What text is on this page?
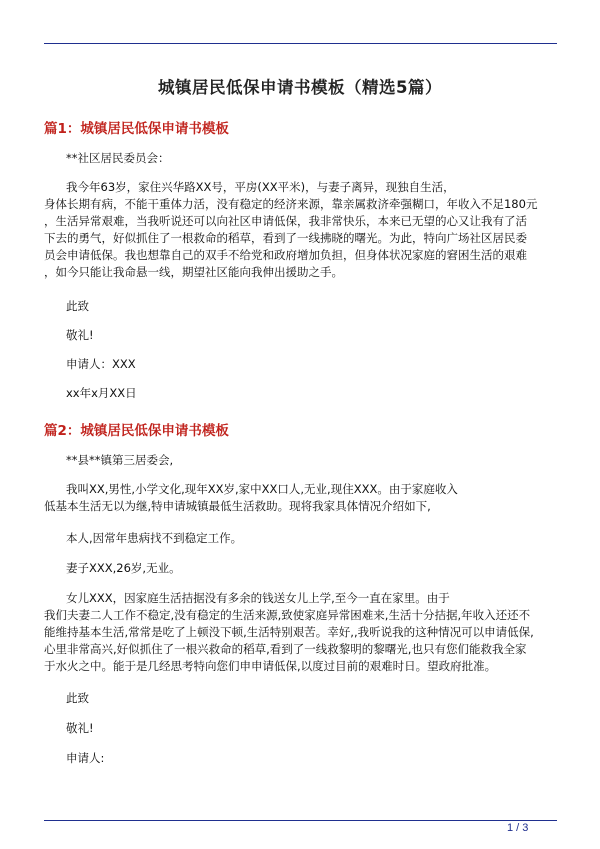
城镇居民低保申请书模板（精选5篇）
篇1：城镇居民低保申请书模板
**社区居民委员会：
我今年63岁，家住兴华路XX号，平房(XX平米)，与妻子离异，现独自生活，
身体长期有病，不能干重体力活，没有稳定的经济来源，靠亲属救济牵强糊口，年收入不足180元
，生活异常艰难，当我听说还可以向社区申请低保，我非常快乐，本来已无望的心又让我有了活
下去的勇气，好似抓住了一根救命的稻草，看到了一线拂晓的曙光。为此，特向广场社区居民委
员会申请低保。我也想靠自己的双手不给党和政府增加负担，但身体状况家庭的窘困生活的艰难
，如今只能让我命悬一线，期望社区能向我伸出援助之手。
此致
敬礼!
申请人：XXX
xx年x月XX日
篇2：城镇居民低保申请书模板
**县**镇第三居委会,
我叫XX,男性,小学文化,现年XX岁,家中XX口人,无业,现住XXX。由于家庭收入
低基本生活无以为继,特申请城镇最低生活救助。现将我家具体情况介绍如下,
本人,因常年患病找不到稳定工作。
妻子XXX,26岁,无业。
女儿XXX，因家庭生活拮据没有多余的钱送女儿上学,至今一直在家里。由于
我们夫妻二人工作不稳定,没有稳定的生活来源,致使家庭异常困难来,生活十分拮据,年收入还还不
能维持基本生活,常常是吃了上顿没下顿,生活特别艰苦。幸好,,我听说我的这种情况可以申请低保,
心里非常高兴,好似抓住了一根兴救命的稻草,看到了一线救黎明的黎曙光,也只有您们能救我全家
于水火之中。能于是几经思考特向您们申申请低保,以度过目前的艰难时日。望政府批准。
此致
敬礼!
申请人:
1 / 3
